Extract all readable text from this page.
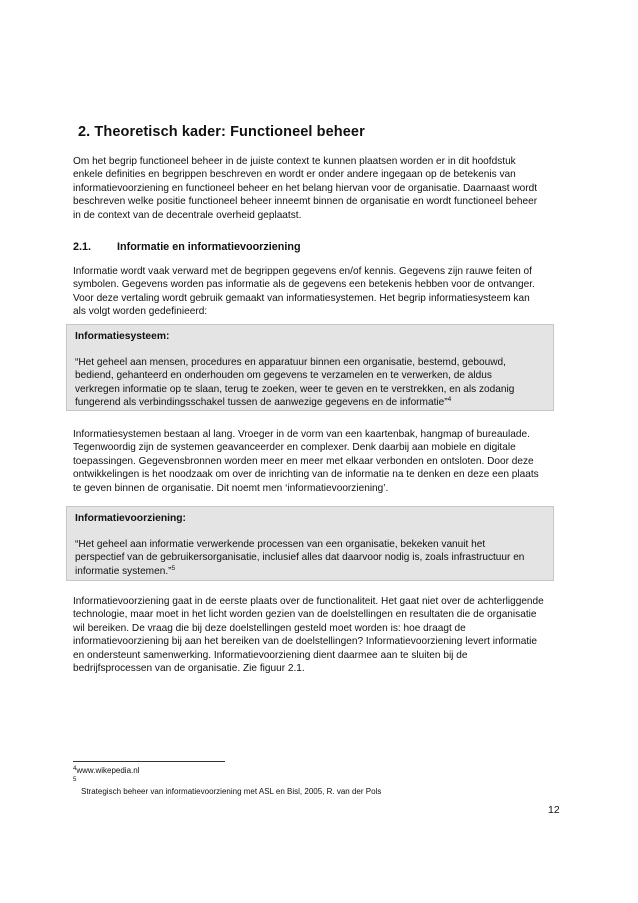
2. Theoretisch kader: Functioneel beheer

Om het begrip functioneel beheer in de juiste context te kunnen plaatsen worden er in dit hoofdstuk
enkele definities en begrippen beschreven en wordt er onder andere ingegaan op de betekenis van
informatievoorziening en functioneel beheer en het belang hiervan voor de organisatie. Daarnaast wordt
beschreven welke positie functioneel beheer inneemt binnen de organisatie en wordt functioneel beheer
in de context van de decentrale overheid geplaatst.

2.1. Informatie en informatievoorziening

Informatie wordt vaak verward met de begrippen gegevens en/of kennis. Gegevens zijn rauwe feiten of
symbolen. Gegevens worden pas informatie als de gegevens een betekenis hebben voor de ontvanger.
Voor deze vertaling wordt gebruik gemaakt van informatiesystemen. Het begrip informatiesysteem kan
als volgt worden gedefinieerd:

Informatiesysteem:

“Het geheel aan mensen, procedures en apparatuur binnen een organisatie, bestemd, gebouwd,
bediend, gehanteerd en onderhouden om gegevens te verzamelen en te verwerken, de aldus
verkregen informatie op te slaan, terug te zoeken, weer te geven en te verstrekken, en als zodanig
fungerend als verbindingsschakel tussen de aanwezige gegevens en de informatie”$^4$

Informatiesystemen bestaan al lang. Vroeger in de vorm van een kaartenbak, hangmap of bureaulade.
Tegenwoordig zijn de systemen geavanceerder en complexer. Denk daarbij aan mobiele en digitale
toepassingen. Gegevensbronnen worden meer en meer met elkaar verbonden en ontsloten. Door deze
ontwikkelingen is het noodzaak om over de inrichting van de informatie na te denken en deze een plaats
te geven binnen de organisatie. Dit noemt men ‘informatievoorziening’.

Informatievoorziening:

“Het geheel aan informatie verwerkende processen van een organisatie, bekeken vanuit het
perspectief van de gebruikersorganisatie, inclusief alles dat daarvoor nodig is, zoals infrastructuur en
informatie systemen.”$^5$

Informatievoorziening gaat in de eerste plaats over de functionaliteit. Het gaat niet over de achterliggende
technologie, maar moet in het licht worden gezien van de doelstellingen en resultaten die de organisatie
wil bereiken. De vraag die bij deze doelstellingen gesteld moet worden is: hoe draagt de
informatievoorziening bij aan het bereiken van de doelstellingen? Informatievoorziening levert informatie
en ondersteunt samenwerking. Informatievoorziening dient daarmee aan te sluiten bij de
bedrijfsprocessen van de organisatie. Zie figuur 2.1.

$^4$www.wikepedia.nl

$^5$
Strategisch beheer van informatievoorziening met ASL en Bisl, 2005, R. van der Pols

12
